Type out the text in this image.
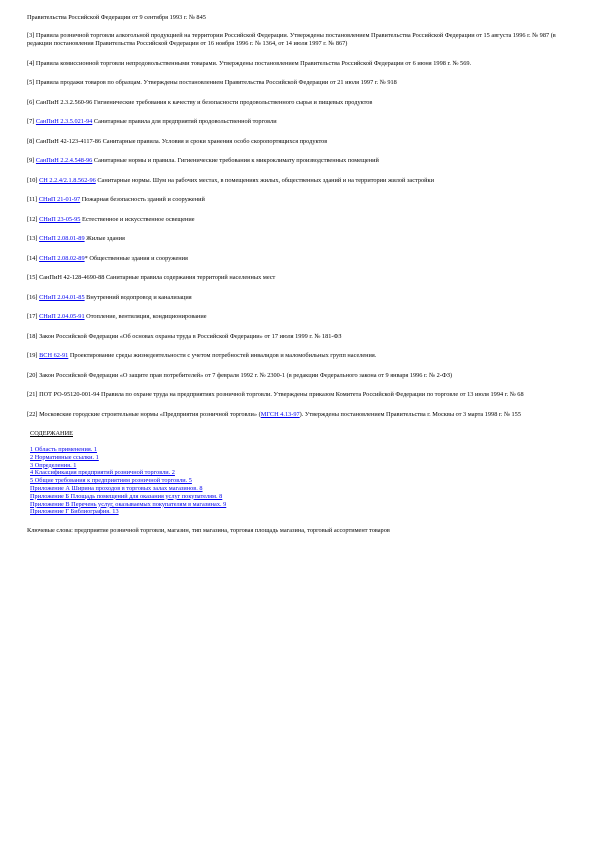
Правительства Российской Федерации от 9 сентября 1993 г. № 845
[3] Правила розничной торговли алкогольной продукцией на территории Российской Федерации. Утверждены постановлением Правительства Российской Федерации от 15 августа 1996 г. № 987 (в редакции постановления Правительства Российской Федерации от 16 ноября 1996 г. № 1364, от 14 июля 1997 г. № 867)
[4] Правила комиссионной торговли непродовольственными товарами. Утверждены постановлением Правительства Российской Федерации от 6 июня 1998 г. № 569.
[5] Правила продажи товаров по образцам. Утверждены постановлением Правительства Российской Федерации от 21 июля 1997 г. № 918
[6] СанПиН 2.3.2.560-96 Гигиенические требования к качеству и безопасности продовольственного сырья и пищевых продуктов
[7] СанПиН 2.3.5.021-94 Санитарные правила для предприятий продовольственной торговли
[8] СанПиН 42-123-4117-86 Санитарные правила. Условия и сроки хранения особо скоропортящихся продуктов
[9] СанПиН 2.2.4.548-96 Санитарные нормы и правила. Гигиенические требования к микроклимату производственных помещений
[10] СН 2.2.4/2.1.8.562-96 Санитарные нормы. Шум на рабочих местах, в помещениях жилых, общественных зданий и на территории жилой застройки
[11] СНиП 21-01-97 Пожарная безопасность зданий и сооружений
[12] СНиП 23-05-95 Естественное и искусственное освещение
[13] СНиП 2.08.01-89 Жилые здания
[14] СНиП 2.08.02-89* Общественные здания и сооружения
[15] СанПиН 42-128-4690-88 Санитарные правила содержания территорий населенных мест
[16] СНиП 2.04.01-85 Внутренний водопровод и канализация
[17] СНиП 2.04.05-91 Отопление, вентиляция, кондиционирование
[18] Закон Российской Федерации «Об основах охраны труда в Российской Федерации» от 17 июля 1999 г. № 181-ФЗ
[19] ВСН 62-91 Проектирование среды жизнедеятельности с учетом потребностей инвалидов и маломобильных групп населения.
[20] Закон Российской Федерации «О защите прав потребителей» от 7 февраля 1992 г. № 2300-1 (в редакции Федерального закона от 9 января 1996 г. № 2-ФЗ)
[21] ПОТ РО-95120-001-94 Правила по охране труда на предприятиях розничной торговли. Утверждены приказом Комитета Российской Федерации по торговле от 13 июля 1994 г. № 68
[22] Московские городские строительные нормы «Предприятия розничной торговли» (МГСН 4.13-97). Утверждены постановлением Правительства г. Москвы от 3 марта 1998 г. № 155
СОДЕРЖАНИЕ
1 Область применения. 1
2 Нормативные ссылки. 1
3 Определения. 1
4 Классификация предприятий розничной торговли. 2
5 Общие требования к предприятиям розничной торговли. 5
Приложение А Ширина проходов в торговых залах магазинов. 8
Приложение Б Площадь помещений для оказания услуг покупателям. 8
Приложение В Перечень услуг, оказываемых покупателям в магазинах. 9
Приложение Г Библиография. 13
Ключевые слова: предприятие розничной торговли, магазин, тип магазина, торговая площадь магазина, торговый ассортимент товаров
